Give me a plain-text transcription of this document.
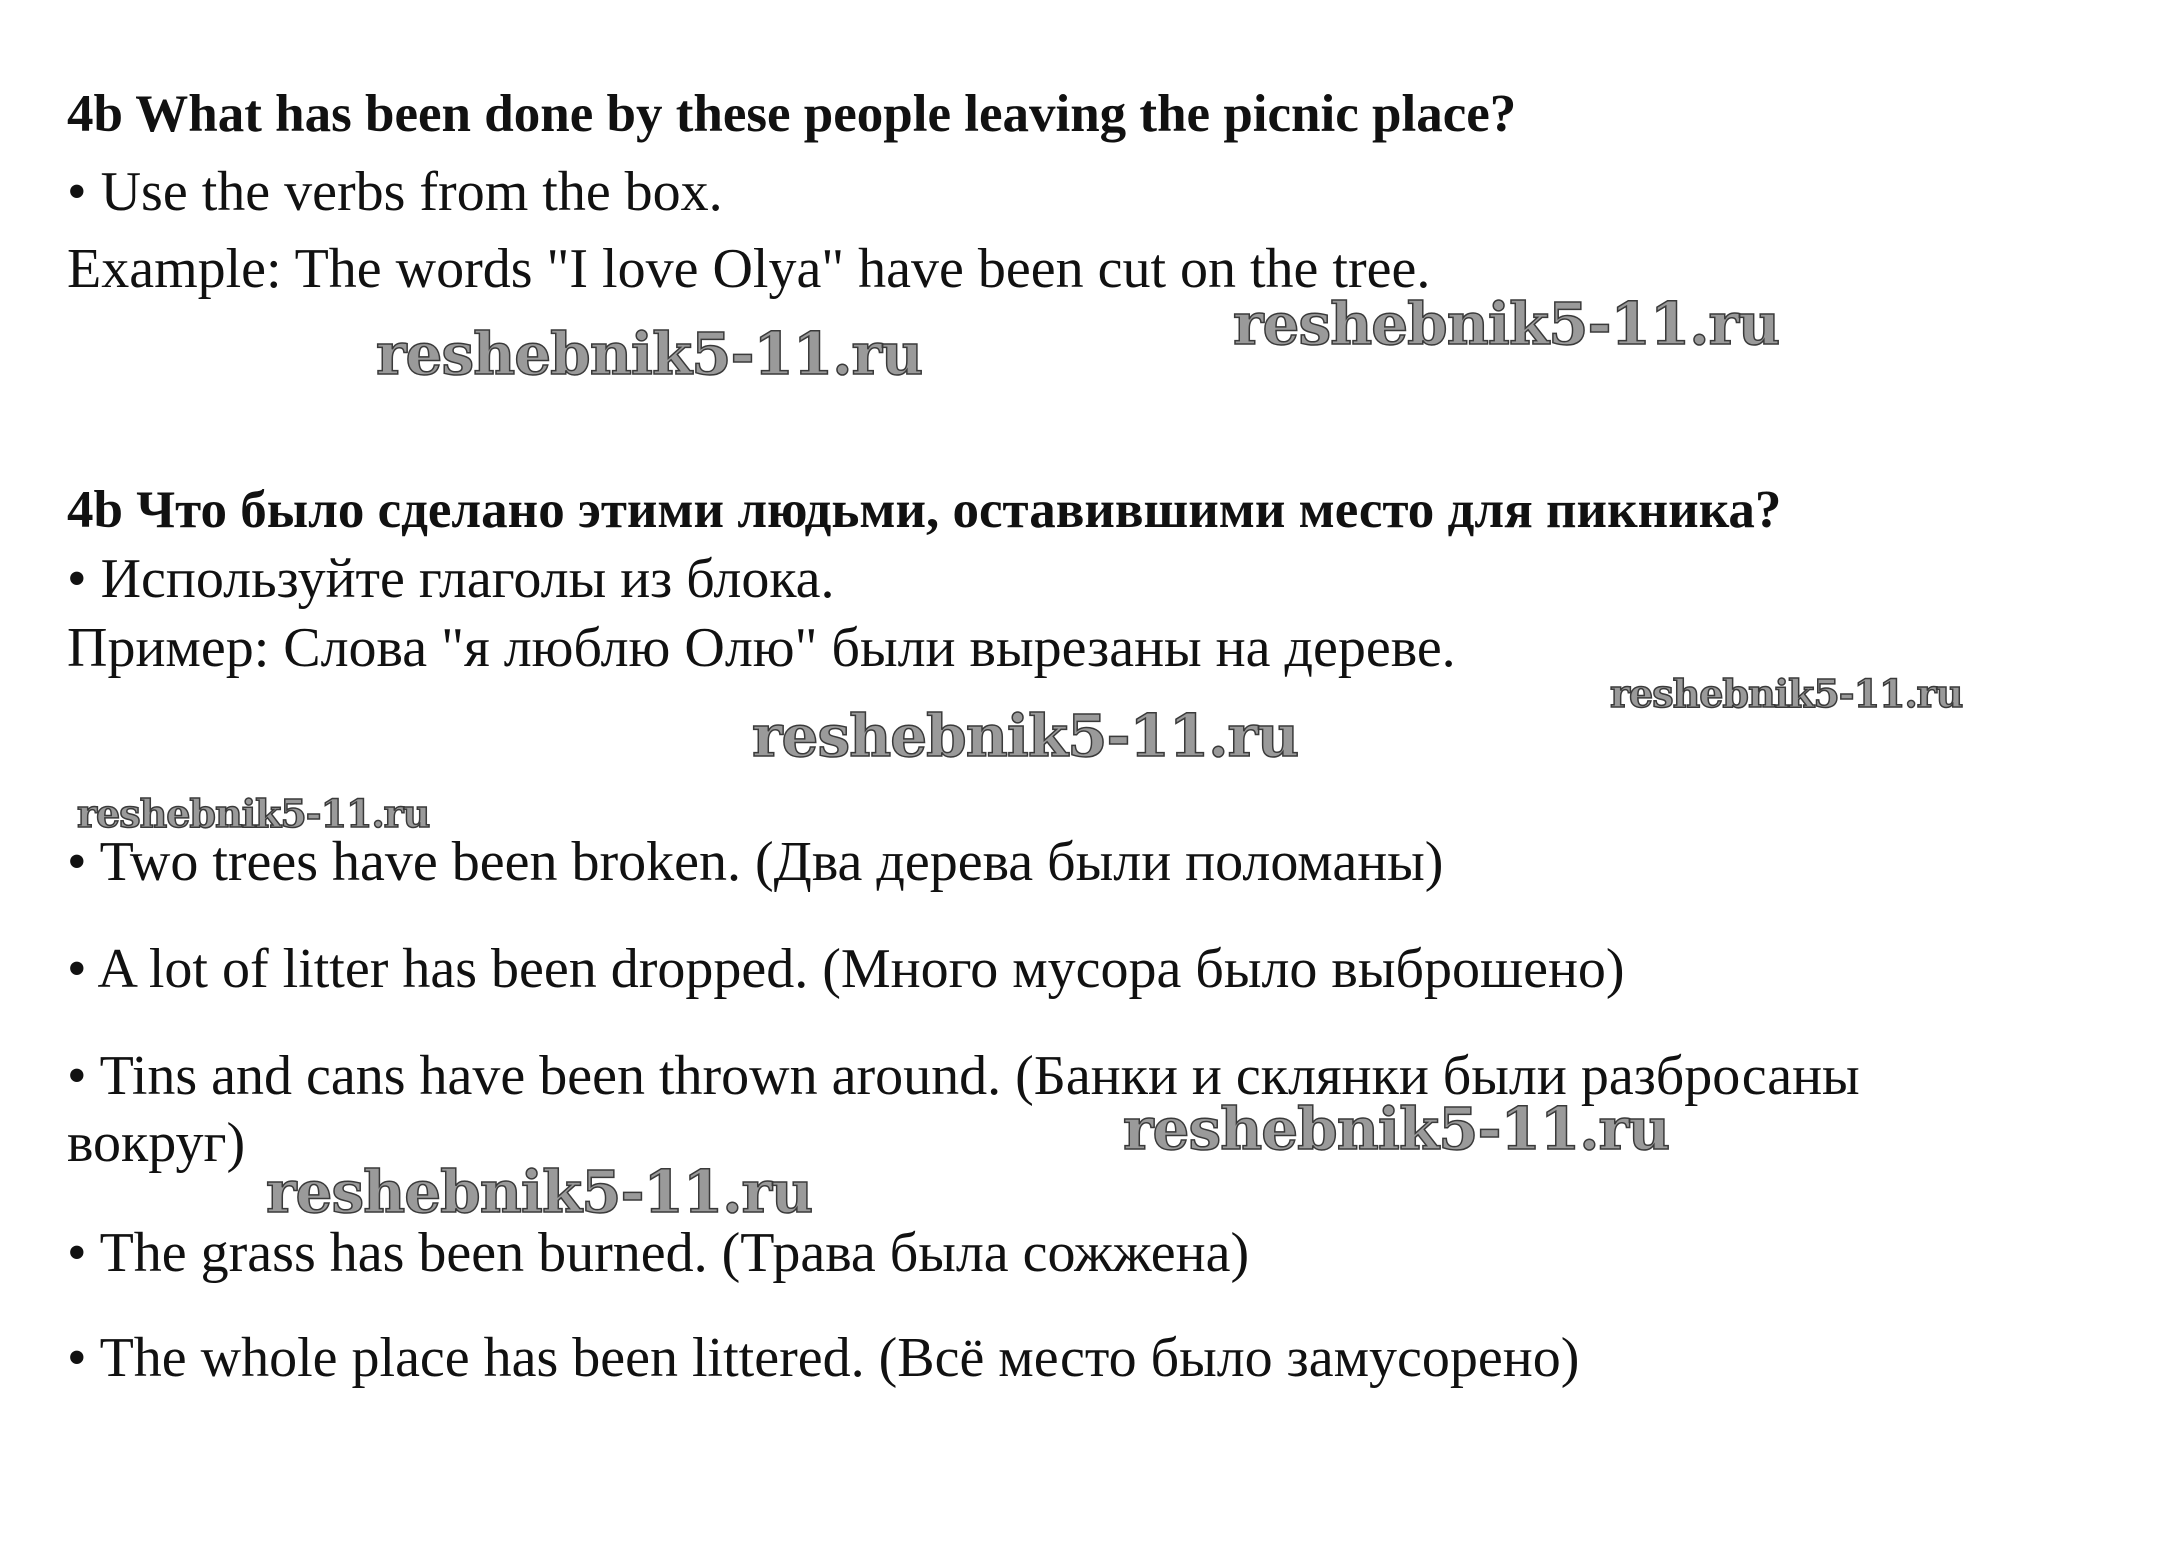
4b What has been done by these people leaving the picnic place?
• Use the verbs from the box.
Example: The words "I love Olya" have been cut on the tree.
4b Что было сделано этими людьми, оставившими место для пикника?
• Используйте глаголы из блока.
Пример: Слова "я люблю Олю" были вырезаны на дереве.
• Two trees have been broken. (Два дерева были поломаны)
• A lot of litter has been dropped. (Много мусора было выброшено)
• Tins and cans have been thrown around. (Банки и склянки были разбросаны
вокруг)
• The grass has been burned. (Трава была сожжена)
• The whole place has been littered. (Всё место было замусорено)
reshebnik5-11.ru	reshebnik5-11.ru
reshebnik5-11.ru
reshebnik5-11.ru
reshebnik5-11.ru
reshebnik5-11.ru
reshebnik5-11.ru
